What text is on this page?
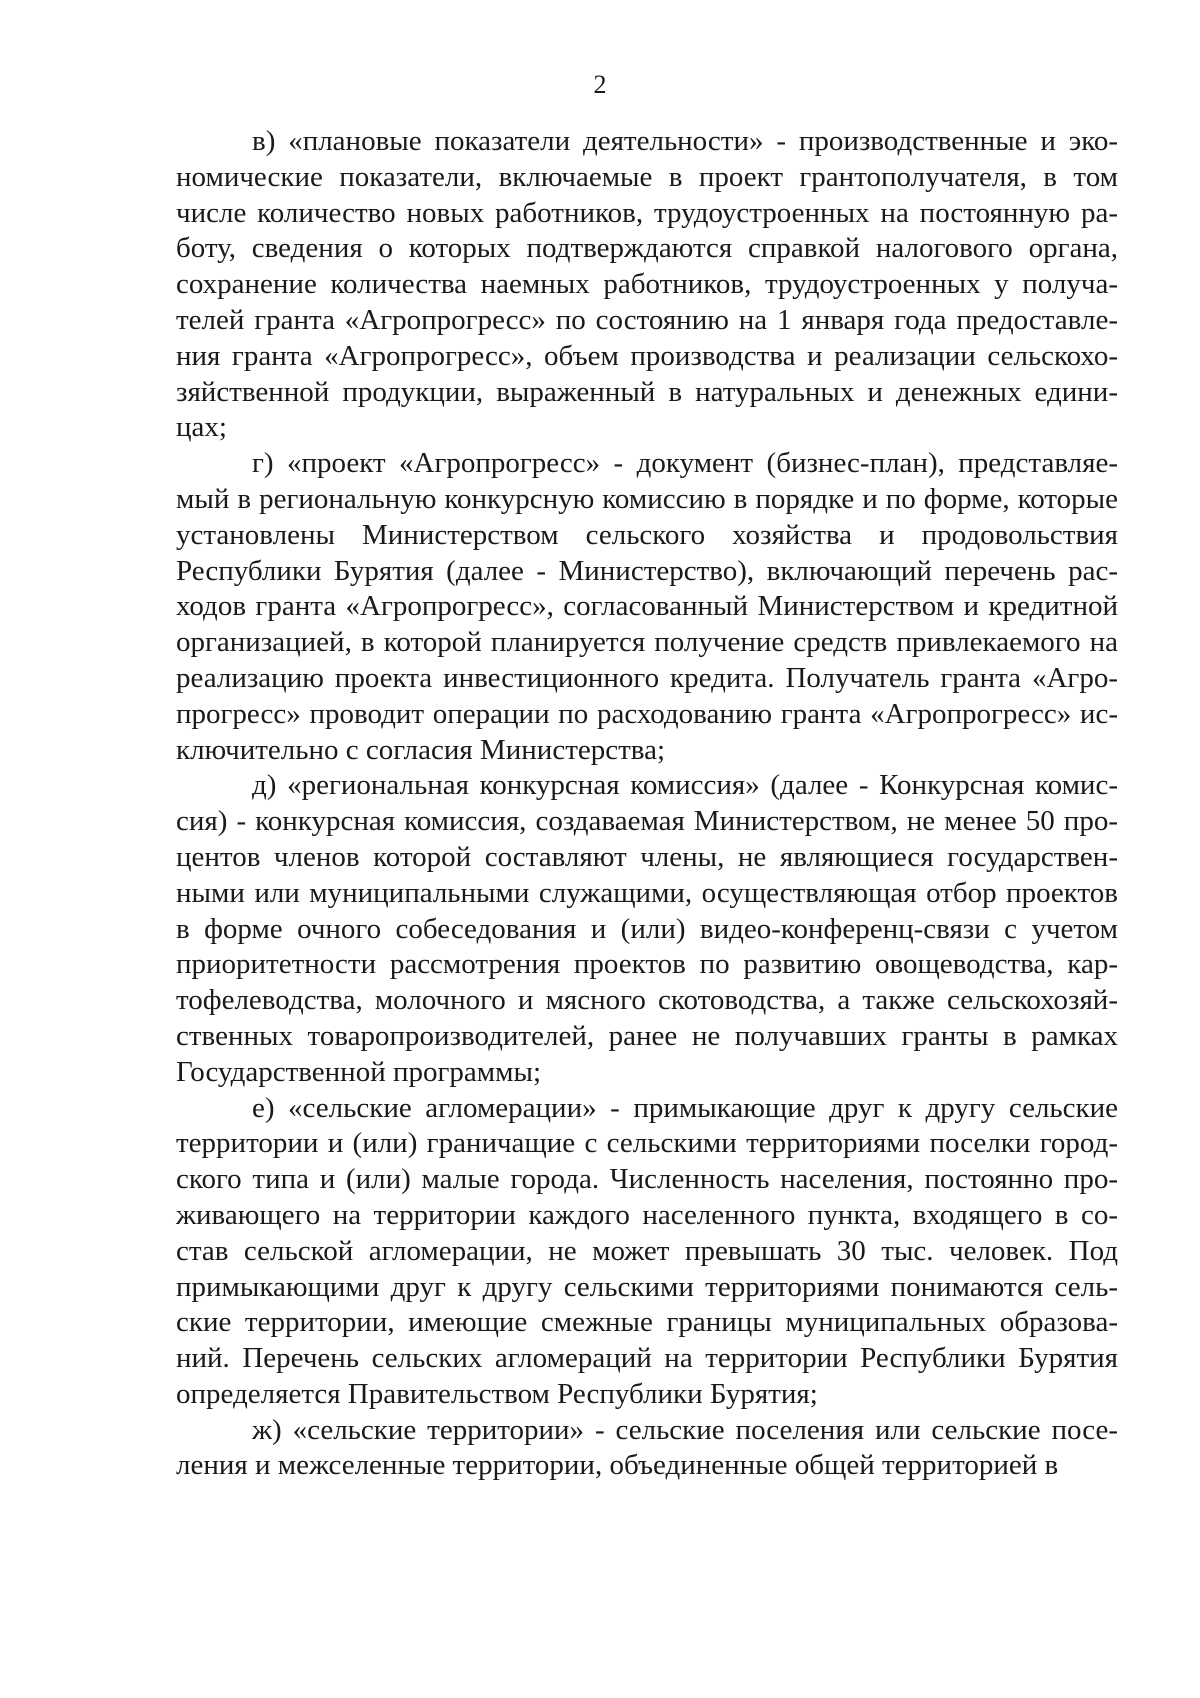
2

в) «плановые показатели деятельности» - производственные и экономические показатели, включаемые в проект грантополучателя, в том числе количество новых работников, трудоустроенных на постоянную работу, сведения о которых подтверждаются справкой налогового органа, сохранение количества наемных работников, трудоустроенных у получателей гранта «Агропрогресс» по состоянию на 1 января года предоставления гранта «Агропрогресс», объем производства и реализации сельскохозяйственной продукции, выраженный в натуральных и денежных единицах;

г) «проект «Агропрогресс» - документ (бизнес-план), представляемый в региональную конкурсную комиссию в порядке и по форме, которые установлены Министерством сельского хозяйства и продовольствия Республики Бурятия (далее - Министерство), включающий перечень расходов гранта «Агропрогресс», согласованный Министерством и кредитной организацией, в которой планируется получение средств привлекаемого на реализацию проекта инвестиционного кредита. Получатель гранта «Агропрогресс» проводит операции по расходованию гранта «Агропрогресс» исключительно с согласия Министерства;

д) «региональная конкурсная комиссия» (далее - Конкурсная комиссия) - конкурсная комиссия, создаваемая Министерством, не менее 50 процентов членов которой составляют члены, не являющиеся государственными или муниципальными служащими, осуществляющая отбор проектов в форме очного собеседования и (или) видео-конференц-связи с учетом приоритетности рассмотрения проектов по развитию овощеводства, картофелеводства, молочного и мясного скотоводства, а также сельскохозяйственных товаропроизводителей, ранее не получавших гранты в рамках Государственной программы;

е) «сельские агломерации» - примыкающие друг к другу сельские территории и (или) граничащие с сельскими территориями поселки городского типа и (или) малые города. Численность населения, постоянно проживающего на территории каждого населенного пункта, входящего в состав сельской агломерации, не может превышать 30 тыс. человек. Под примыкающими друг к другу сельскими территориями понимаются сельские территории, имеющие смежные границы муниципальных образований. Перечень сельских агломераций на территории Республики Бурятия определяется Правительством Республики Бурятия;

ж) «сельские территории» - сельские поселения или сельские поселения и межселенные территории, объединенные общей территорией в
